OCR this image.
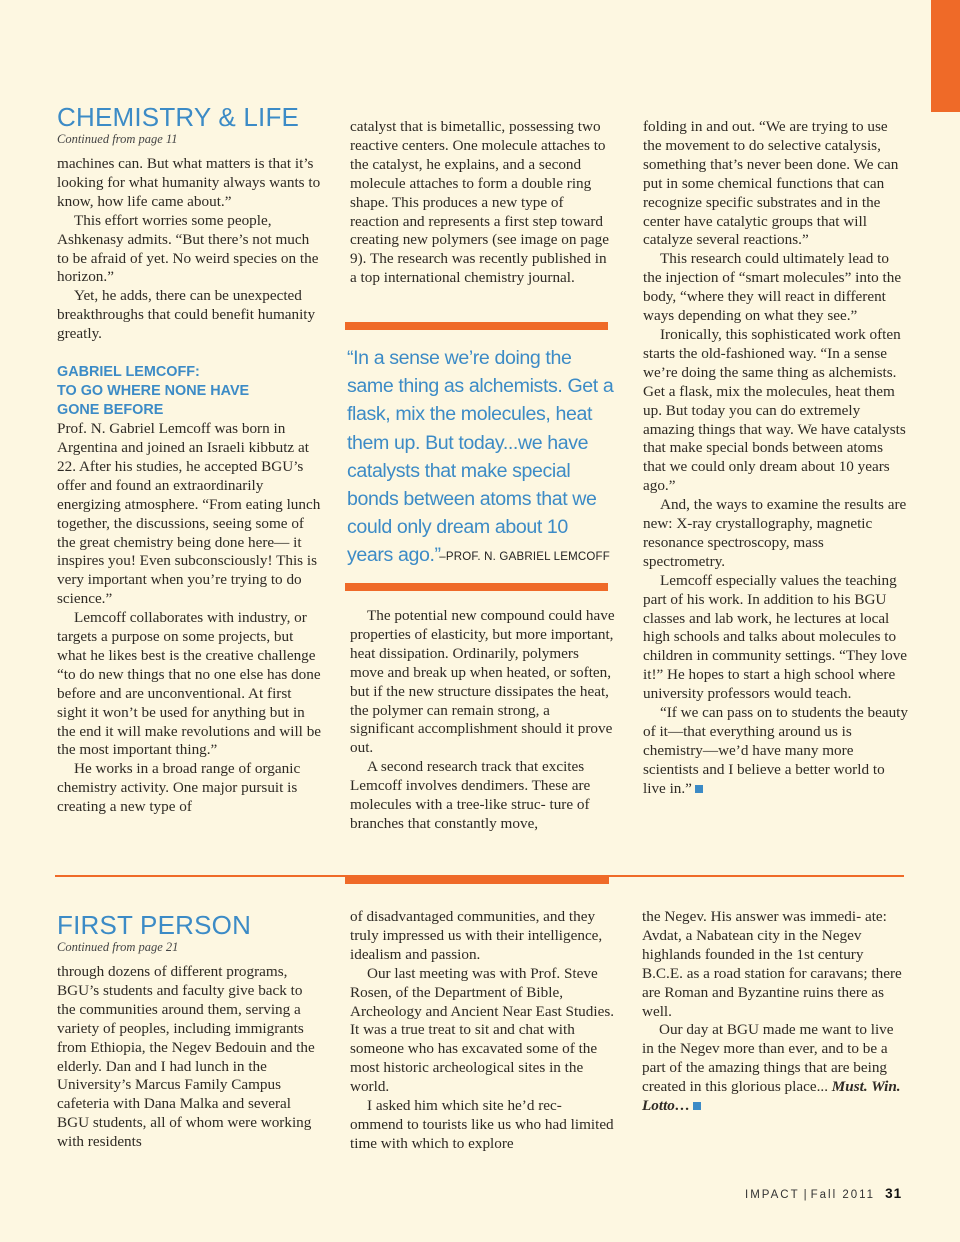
CHEMISTRY & LIFE
Continued from page 11

machines can. But what matters is that it’s looking for what humanity always wants to know, how life came about.”

This effort worries some people, Ashkenasy admits. “But there’s not much to be afraid of yet. No weird species on the horizon.”

Yet, he adds, there can be unexpected breakthroughs that could benefit humanity greatly.

GABRIEL LEMCOFF:
TO GO WHERE NONE HAVE
GONE BEFORE

Prof. N. Gabriel Lemcoff was born in Argentina and joined an Israeli kibbutz at 22. After his studies, he accepted BGU’s offer and found an extraordinarily energizing atmosphere. “From eating lunch together, the discussions, seeing some of the great chemistry being done here— it inspires you! Even subconsciously! This is very important when you’re trying to do science.”

Lemcoff collaborates with industry, or targets a purpose on some projects, but what he likes best is the creative challenge “to do new things that no one else has done before and are unconventional. At first sight it won’t be used for anything but in the end it will make revolutions and will be the most important thing.”

He works in a broad range of organic chemistry activity. One major pursuit is creating a new type of

catalyst that is bimetallic, possessing two reactive centers. One molecule attaches to the catalyst, he explains, and a second molecule attaches to form a double ring shape. This produces a new type of reaction and represents a first step toward creating new polymers (see image on page 9). The research was recently published in a top international chemistry journal.

“In a sense we’re doing the same thing as alchemists. Get a flask, mix the molecules, heat them up. But today...we have catalysts that make special bonds between atoms that we could only dream about 10 years ago.”
–PROF. N. GABRIEL LEMCOFF

The potential new compound could have properties of elasticity, but more important, heat dissipation. Ordinarily, polymers move and break up when heated, or soften, but if the new structure dissipates the heat, the polymer can remain strong, a significant accomplishment should it prove out.

A second research track that excites Lemcoff involves dendimers. These are molecules with a tree-like struc- ture of branches that constantly move,

folding in and out. “We are trying to use the movement to do selective catalysis, something that’s never been done. We can put in some chemical functions that can recognize specific substrates and in the center have catalytic groups that will catalyze several reactions.”

This research could ultimately lead to the injection of “smart molecules” into the body, “where they will react in different ways depending on what they see.”

Ironically, this sophisticated work often starts the old-fashioned way. “In a sense we’re doing the same thing as alchemists. Get a flask, mix the molecules, heat them up. But today you can do extremely amazing things that way. We have catalysts that make special bonds between atoms that we could only dream about 10 years ago.”

And, the ways to examine the results are new: X-ray crystallography, magnetic resonance spectroscopy, mass spectrometry.

Lemcoff especially values the teaching part of his work. In addition to his BGU classes and lab work, he lectures at local high schools and talks about molecules to children in community settings. “They love it!” He hopes to start a high school where university professors would teach.

“If we can pass on to students the beauty of it—that everything around us is chemistry—we’d have many more scientists and I believe a better world to live in.”

FIRST PERSON
Continued from page 21

through dozens of different programs, BGU’s students and faculty give back to the communities around them, serving a variety of peoples, including immigrants from Ethiopia, the Negev Bedouin and the elderly. Dan and I had lunch in the University’s Marcus Family Campus cafeteria with Dana Malka and several BGU students, all of whom were working with residents

of disadvantaged communities, and they truly impressed us with their intelligence, idealism and passion.

Our last meeting was with Prof. Steve Rosen, of the Department of Bible, Archeology and Ancient Near East Studies. It was a true treat to sit and chat with someone who has excavated some of the most historic archeological sites in the world.

I asked him which site he’d rec- ommend to tourists like us who had limited time with which to explore

the Negev. His answer was immedi- ate: Avdat, a Nabatean city in the Negev highlands founded in the 1st century B.C.E. as a road station for caravans; there are Roman and Byzantine ruins there as well.

Our day at BGU made me want to live in the Negev more than ever, and to be a part of the amazing things that are being created in this glorious place... Must. Win. Lotto…

IMPACT | Fall 2011 31
